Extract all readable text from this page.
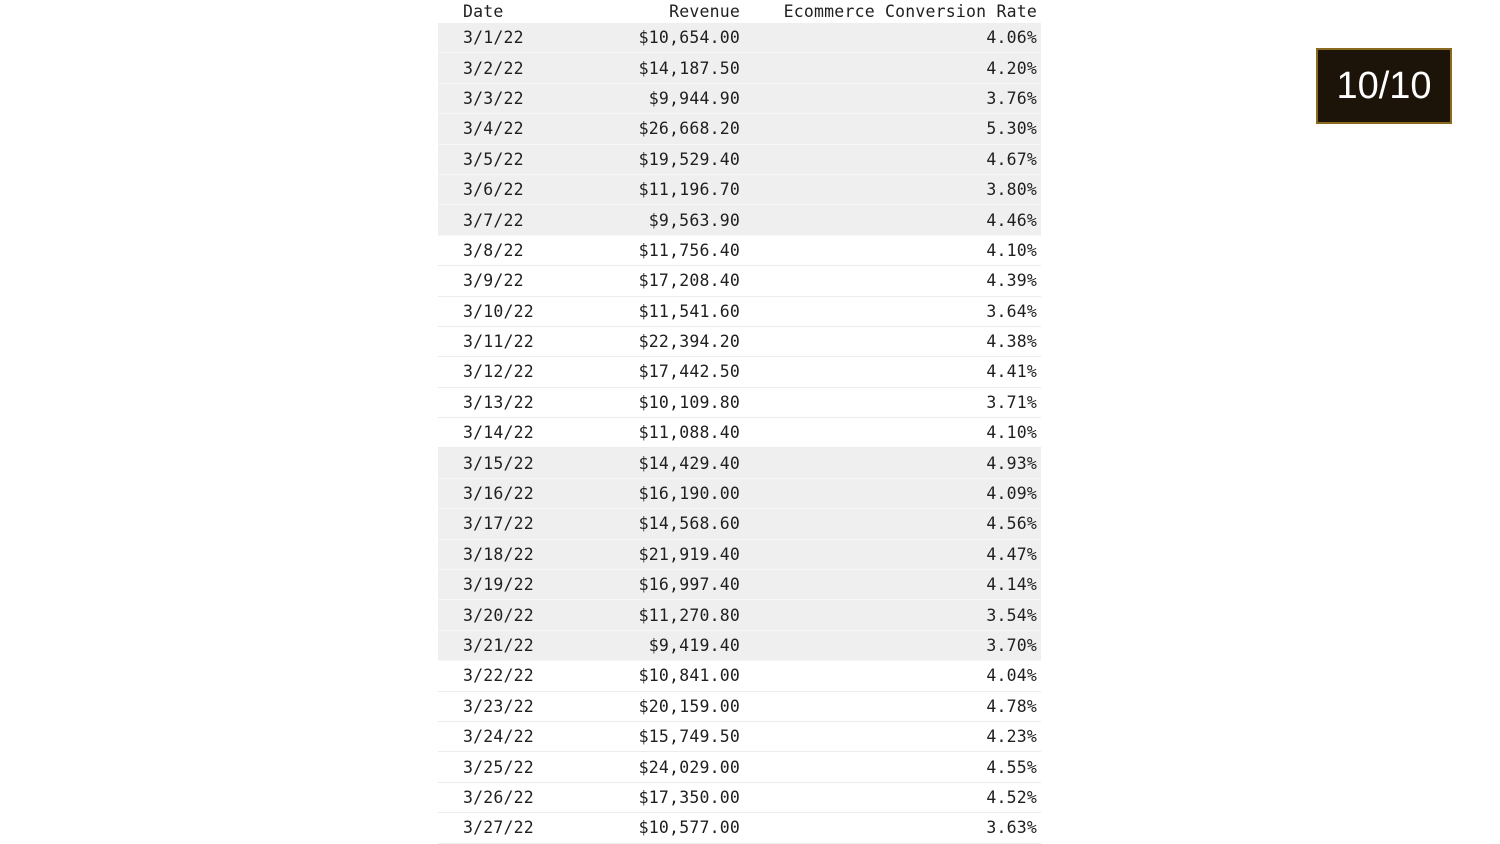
Date	Revenue	Ecommerce Conversion Rate
3/1/22	$10,654.00	4.06%
3/2/22	$14,187.50	4.20%
3/3/22	$9,944.90	3.76%
3/4/22	$26,668.20	5.30%
3/5/22	$19,529.40	4.67%
3/6/22	$11,196.70	3.80%
3/7/22	$9,563.90	4.46%
3/8/22	$11,756.40	4.10%
3/9/22	$17,208.40	4.39%
3/10/22	$11,541.60	3.64%
3/11/22	$22,394.20	4.38%
3/12/22	$17,442.50	4.41%
3/13/22	$10,109.80	3.71%
3/14/22	$11,088.40	4.10%
3/15/22	$14,429.40	4.93%
3/16/22	$16,190.00	4.09%
3/17/22	$14,568.60	4.56%
3/18/22	$21,919.40	4.47%
3/19/22	$16,997.40	4.14%
3/20/22	$11,270.80	3.54%
3/21/22	$9,419.40	3.70%
3/22/22	$10,841.00	4.04%
3/23/22	$20,159.00	4.78%
3/24/22	$15,749.50	4.23%
3/25/22	$24,029.00	4.55%
3/26/22	$17,350.00	4.52%
3/27/22	$10,577.00	3.63%
10/10
